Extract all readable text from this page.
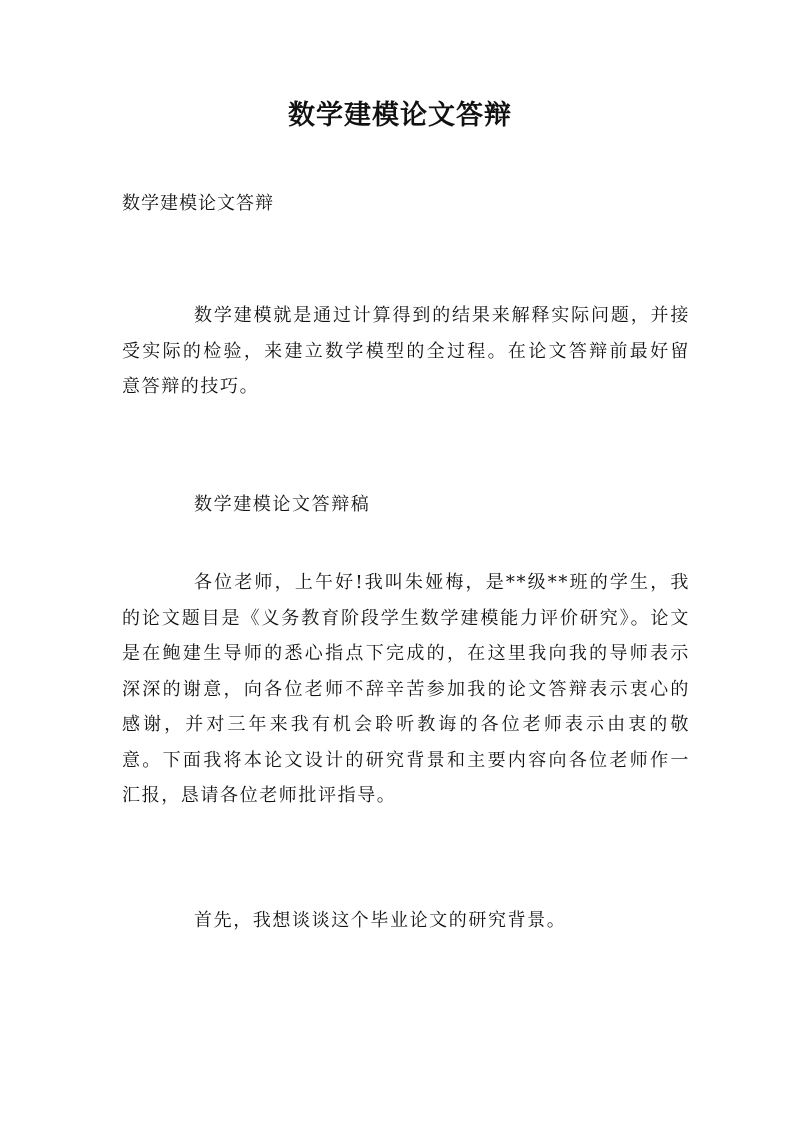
数学建模论文答辩

数学建模论文答辩

数学建模就是通过计算得到的结果来解释实际问题，并接受实际的检验，来建立数学模型的全过程。在论文答辩前最好留意答辩的技巧。

数学建模论文答辩稿

各位老师，上午好!我叫朱娅梅，是**级**班的学生，我的论文题目是《义务教育阶段学生数学建模能力评价研究》。论文是在鲍建生导师的悉心指点下完成的，在这里我向我的导师表示深深的谢意，向各位老师不辞辛苦参加我的论文答辩表示衷心的感谢，并对三年来我有机会聆听教诲的各位老师表示由衷的敬意。下面我将本论文设计的研究背景和主要内容向各位老师作一汇报，恳请各位老师批评指导。

首先，我想谈谈这个毕业论文的研究背景。
